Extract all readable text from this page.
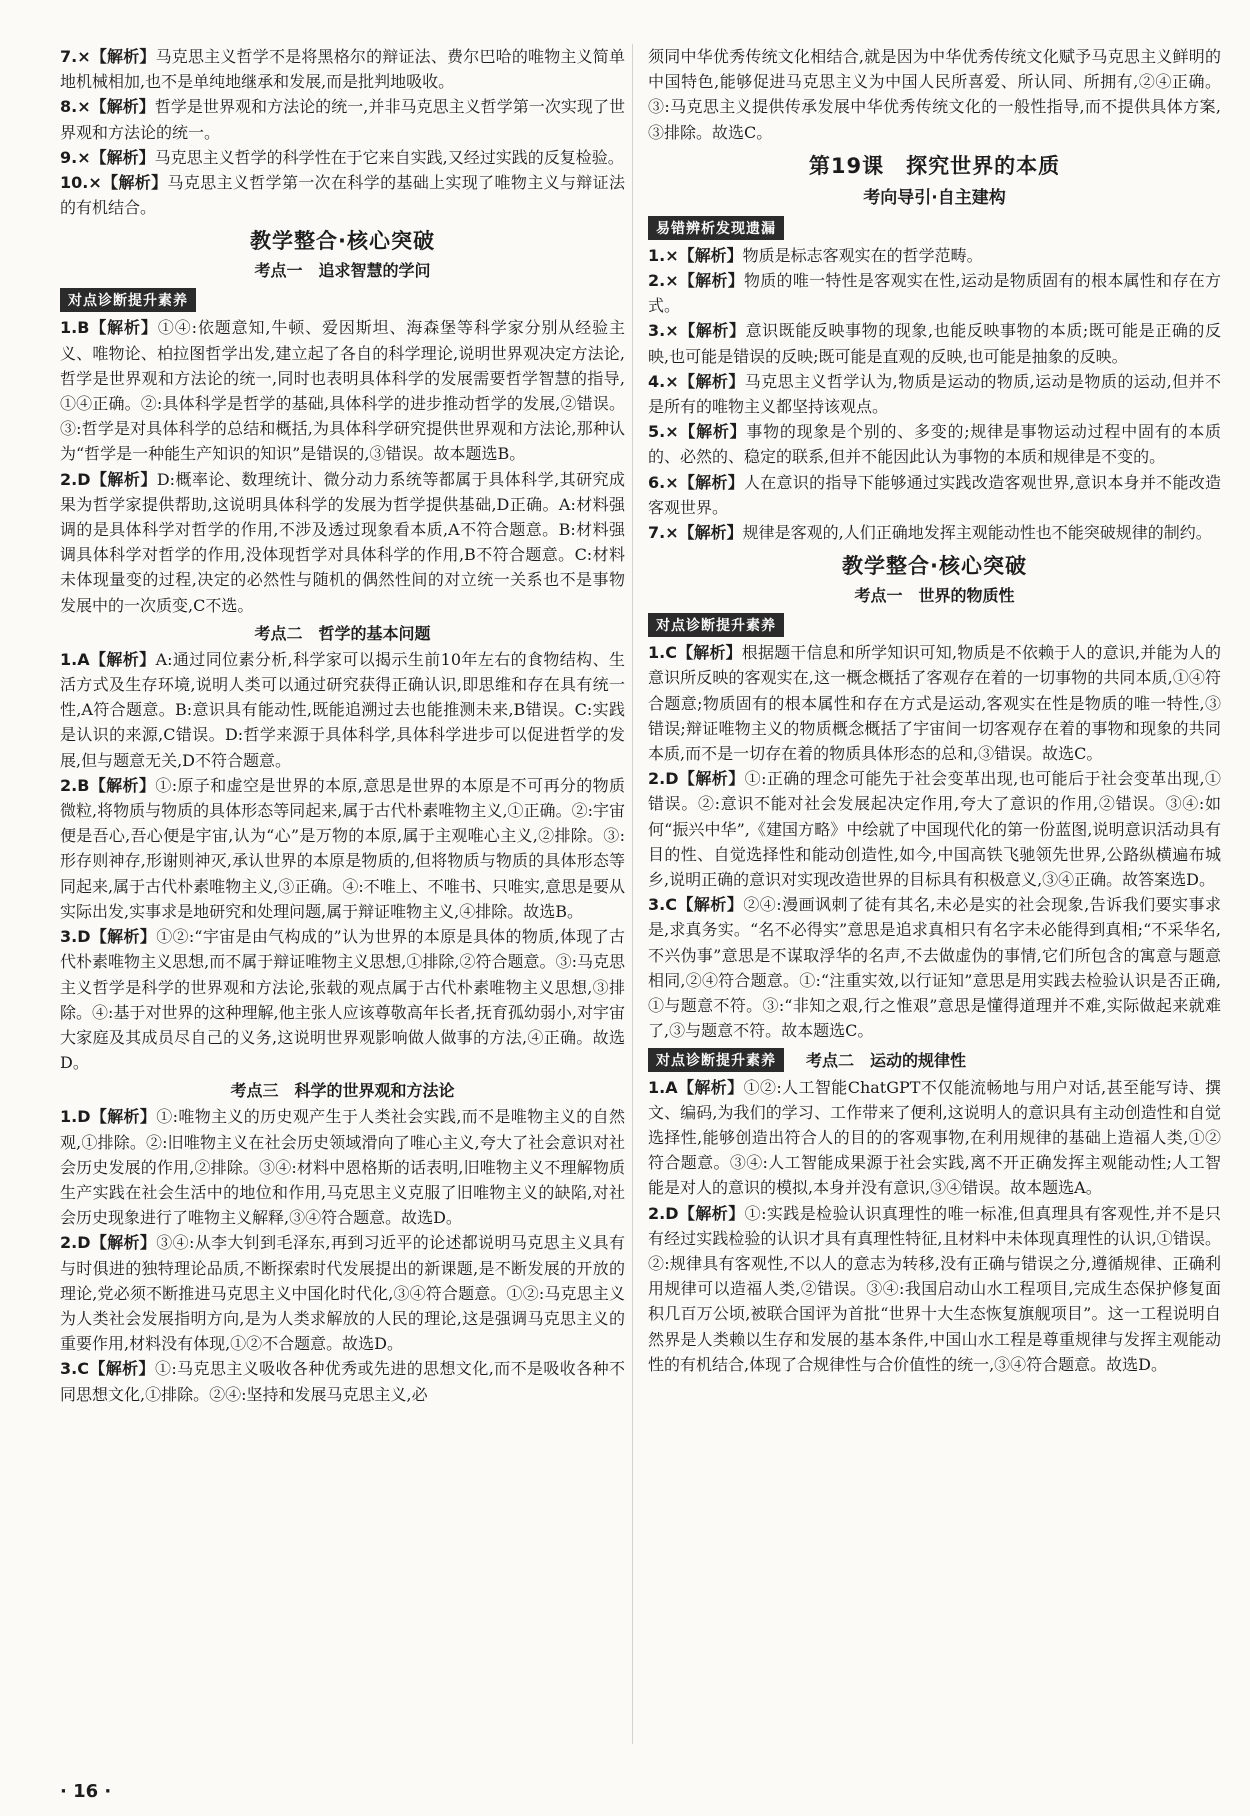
7.×【解析】马克思主义哲学不是将黑格尔的辩证法、费尔巴哈的唯物主义简单地机械相加,也不是单纯地继承和发展,而是批判地吸收。

8.×【解析】哲学是世界观和方法论的统一,并非马克思主义哲学第一次实现了世界观和方法论的统一。

9.×【解析】马克思主义哲学的科学性在于它来自实践,又经过实践的反复检验。

10.×【解析】马克思主义哲学第一次在科学的基础上实现了唯物主义与辩证法的有机结合。

教学整合·核心突破
考点一　追求智慧的学问
对点诊断提升素养

1.B【解析】①④:依题意知,牛顿、爱因斯坦、海森堡等科学家分别从经验主义、唯物论、柏拉图哲学出发,建立起了各自的科学理论,说明世界观决定方法论,哲学是世界观和方法论的统一,同时也表明具体科学的发展需要哲学智慧的指导,①④正确。②:具体科学是哲学的基础,具体科学的进步推动哲学的发展,②错误。③:哲学是对具体科学的总结和概括,为具体科学研究提供世界观和方法论,那种认为“哲学是一种能生产知识的知识”是错误的,③错误。故本题选B。

2.D【解析】D:概率论、数理统计、微分动力系统等都属于具体科学,其研究成果为哲学家提供帮助,这说明具体科学的发展为哲学提供基础,D正确。A:材料强调的是具体科学对哲学的作用,不涉及透过现象看本质,A不符合题意。B:材料强调具体科学对哲学的作用,没体现哲学对具体科学的作用,B不符合题意。C:材料未体现量变的过程,决定的必然性与随机的偶然性间的对立统一关系也不是事物发展中的一次质变,C不选。

考点二　哲学的基本问题

1.A【解析】A:通过同位素分析,科学家可以揭示生前10年左右的食物结构、生活方式及生存环境,说明人类可以通过研究获得正确认识,即思维和存在具有统一性,A符合题意。B:意识具有能动性,既能追溯过去也能推测未来,B错误。C:实践是认识的来源,C错误。D:哲学来源于具体科学,具体科学进步可以促进哲学的发展,但与题意无关,D不符合题意。

2.B【解析】①:原子和虚空是世界的本原,意思是世界的本原是不可再分的物质微粒,将物质与物质的具体形态等同起来,属于古代朴素唯物主义,①正确。②:宇宙便是吾心,吾心便是宇宙,认为“心”是万物的本原,属于主观唯心主义,②排除。③:形存则神存,形谢则神灭,承认世界的本原是物质的,但将物质与物质的具体形态等同起来,属于古代朴素唯物主义,③正确。④:不唯上、不唯书、只唯实,意思是要从实际出发,实事求是地研究和处理问题,属于辩证唯物主义,④排除。故选B。

3.D【解析】①②:“宇宙是由气构成的”认为世界的本原是具体的物质,体现了古代朴素唯物主义思想,而不属于辩证唯物主义思想,①排除,②符合题意。③:马克思主义哲学是科学的世界观和方法论,张载的观点属于古代朴素唯物主义思想,③排除。④:基于对世界的这种理解,他主张人应该尊敬高年长者,抚育孤幼弱小,对宇宙大家庭及其成员尽自己的义务,这说明世界观影响做人做事的方法,④正确。故选D。

考点三　科学的世界观和方法论

1.D【解析】①:唯物主义的历史观产生于人类社会实践,而不是唯物主义的自然观,①排除。②:旧唯物主义在社会历史领域滑向了唯心主义,夸大了社会意识对社会历史发展的作用,②排除。③④:材料中恩格斯的话表明,旧唯物主义不理解物质生产实践在社会生活中的地位和作用,马克思主义克服了旧唯物主义的缺陷,对社会历史现象进行了唯物主义解释,③④符合题意。故选D。

2.D【解析】③④:从李大钊到毛泽东,再到习近平的论述都说明马克思主义具有与时俱进的独特理论品质,不断探索时代发展提出的新课题,是不断发展的开放的理论,党必须不断推进马克思主义中国化时代化,③④符合题意。①②:马克思主义为人类社会发展指明方向,是为人类求解放的人民的理论,这是强调马克思主义的重要作用,材料没有体现,①②不合题意。故选D。

3.C【解析】①:马克思主义吸收各种优秀或先进的思想文化,而不是吸收各种不同思想文化,①排除。②④:坚持和发展马克思主义,必

须同中华优秀传统文化相结合,就是因为中华优秀传统文化赋予马克思主义鲜明的中国特色,能够促进马克思主义为中国人民所喜爱、所认同、所拥有,②④正确。③:马克思主义提供传承发展中华优秀传统文化的一般性指导,而不提供具体方案,③排除。故选C。

第19课　探究世界的本质
考向导引·自主建构
易错辨析发现遗漏

1.×【解析】物质是标志客观实在的哲学范畴。

2.×【解析】物质的唯一特性是客观实在性,运动是物质固有的根本属性和存在方式。

3.×【解析】意识既能反映事物的现象,也能反映事物的本质;既可能是正确的反映,也可能是错误的反映;既可能是直观的反映,也可能是抽象的反映。

4.×【解析】马克思主义哲学认为,物质是运动的物质,运动是物质的运动,但并不是所有的唯物主义都坚持该观点。

5.×【解析】事物的现象是个别的、多变的;规律是事物运动过程中固有的本质的、必然的、稳定的联系,但并不能因此认为事物的本质和规律是不变的。

6.×【解析】人在意识的指导下能够通过实践改造客观世界,意识本身并不能改造客观世界。

7.×【解析】规律是客观的,人们正确地发挥主观能动性也不能突破规律的制约。

教学整合·核心突破
考点一　世界的物质性
对点诊断提升素养

1.C【解析】根据题干信息和所学知识可知,物质是不依赖于人的意识,并能为人的意识所反映的客观实在,这一概念概括了客观存在着的一切事物的共同本质,①④符合题意;物质固有的根本属性和存在方式是运动,客观实在性是物质的唯一特性,③错误;辩证唯物主义的物质概念概括了宇宙间一切客观存在着的事物和现象的共同本质,而不是一切存在着的物质具体形态的总和,③错误。故选C。

2.D【解析】①:正确的理念可能先于社会变革出现,也可能后于社会变革出现,①错误。②:意识不能对社会发展起决定作用,夸大了意识的作用,②错误。③④:如何“振兴中华”,《建国方略》中绘就了中国现代化的第一份蓝图,说明意识活动具有目的性、自觉选择性和能动创造性,如今,中国高铁飞驰领先世界,公路纵横遍布城乡,说明正确的意识对实现改造世界的目标具有积极意义,③④正确。故答案选D。

3.C【解析】②④:漫画讽刺了徒有其名,未必是实的社会现象,告诉我们要实事求是,求真务实。“名不必得实”意思是追求真相只有名字未必能得到真相;“不采华名,不兴伪事”意思是不谋取浮华的名声,不去做虚伪的事情,它们所包含的寓意与题意相同,②④符合题意。①:“注重实效,以行证知”意思是用实践去检验认识是否正确,①与题意不符。③:“非知之艰,行之惟艰”意思是懂得道理并不难,实际做起来就难了,③与题意不符。故本题选C。

对点诊断提升素养	考点二　运动的规律性

1.A【解析】①②:人工智能ChatGPT不仅能流畅地与用户对话,甚至能写诗、撰文、编码,为我们的学习、工作带来了便利,这说明人的意识具有主动创造性和自觉选择性,能够创造出符合人的目的的客观事物,在利用规律的基础上造福人类,①②符合题意。③④:人工智能成果源于社会实践,离不开正确发挥主观能动性;人工智能是对人的意识的模拟,本身并没有意识,③④错误。故本题选A。

2.D【解析】①:实践是检验认识真理性的唯一标准,但真理具有客观性,并不是只有经过实践检验的认识才具有真理性特征,且材料中未体现真理性的认识,①错误。②:规律具有客观性,不以人的意志为转移,没有正确与错误之分,遵循规律、正确利用规律可以造福人类,②错误。③④:我国启动山水工程项目,完成生态保护修复面积几百万公顷,被联合国评为首批“世界十大生态恢复旗舰项目”。这一工程说明自然界是人类赖以生存和发展的基本条件,中国山水工程是尊重规律与发挥主观能动性的有机结合,体现了合规律性与合价值性的统一,③④符合题意。故选D。

· 16 ·
